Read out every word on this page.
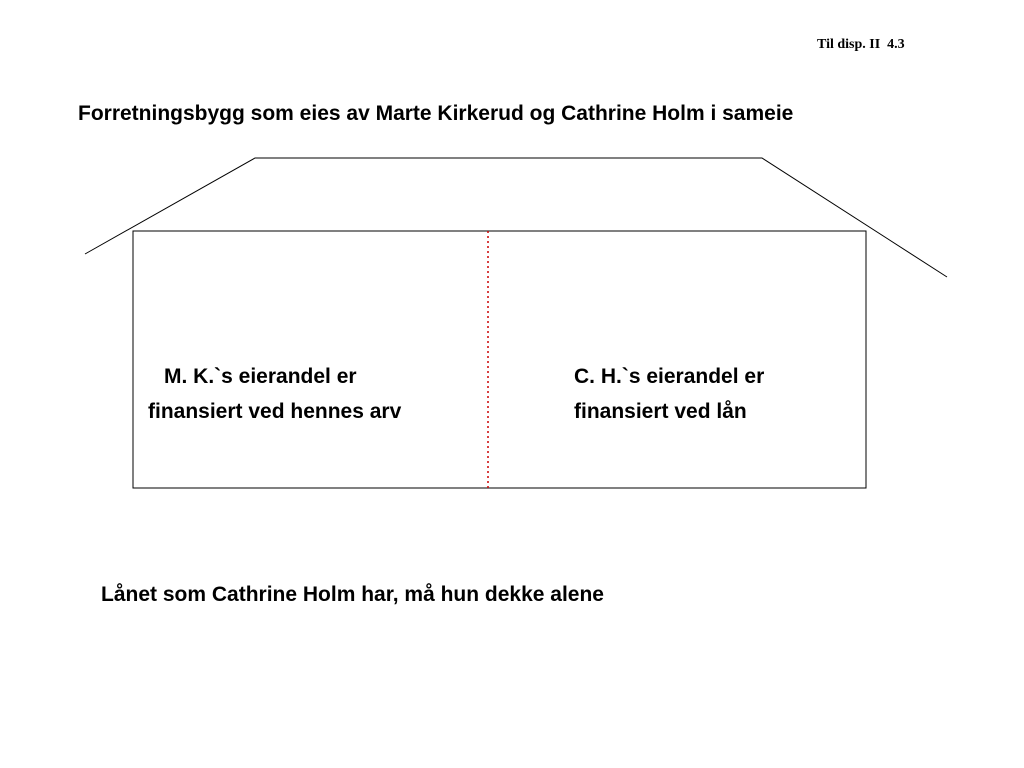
Til disp. II  4.3
Forretningsbygg som eies av Marte Kirkerud og Cathrine Holm i sameie
M. K.`s eierandel er
finansiert ved hennes arv
C. H.`s eierandel er
finansiert ved lån
Lånet som Cathrine Holm har, må hun dekke alene
